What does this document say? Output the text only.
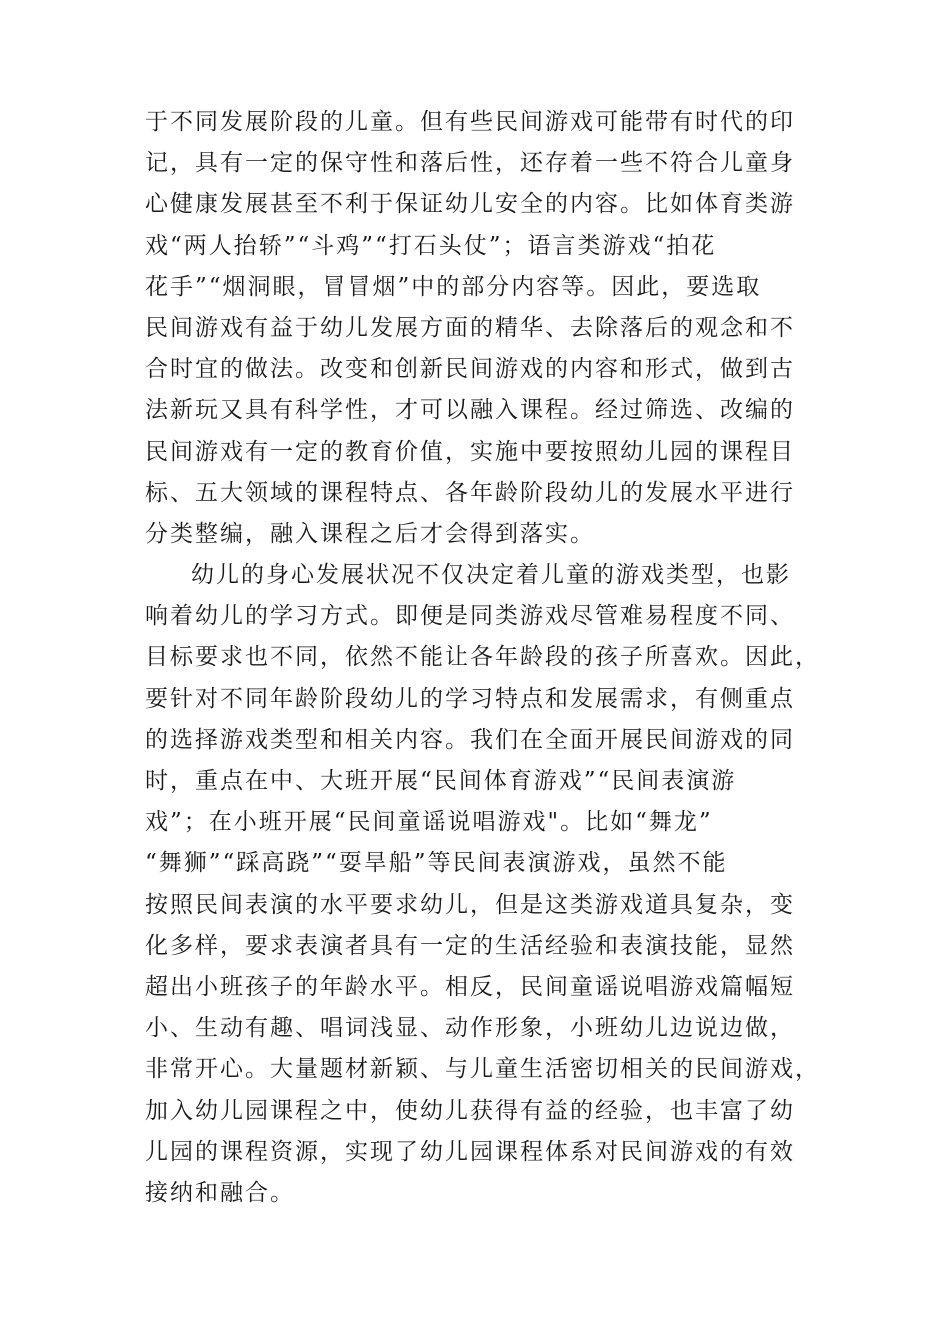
于不同发展阶段的儿童。但有些民间游戏可能带有时代的印
记，具有一定的保守性和落后性，还存着一些不符合儿童身
心健康发展甚至不利于保证幼儿安全的内容。比如体育类游
戏“两人抬轿”“斗鸡”“打石头仗”；语言类游戏“拍花
花手”“烟洞眼，冒冒烟”中的部分内容等。因此，要选取
民间游戏有益于幼儿发展方面的精华、去除落后的观念和不
合时宜的做法。改变和创新民间游戏的内容和形式，做到古
法新玩又具有科学性，才可以融入课程。经过筛选、改编的
民间游戏有一定的教育价值，实施中要按照幼儿园的课程目
标、五大领域的课程特点、各年龄阶段幼儿的发展水平进行
分类整编，融入课程之后才会得到落实。
幼儿的身心发展状况不仅决定着儿童的游戏类型，也影
响着幼儿的学习方式。即便是同类游戏尽管难易程度不同、
目标要求也不同，依然不能让各年龄段的孩子所喜欢。因此，
要针对不同年龄阶段幼儿的学习特点和发展需求，有侧重点
的选择游戏类型和相关内容。我们在全面开展民间游戏的同
时，重点在中、大班开展“民间体育游戏”“民间表演游
戏”；在小班开展“民间童谣说唱游戏"。比如“舞龙”
“舞狮”“踩高跷”“耍旱船”等民间表演游戏，虽然不能
按照民间表演的水平要求幼儿，但是这类游戏道具复杂，变
化多样，要求表演者具有一定的生活经验和表演技能，显然
超出小班孩子的年龄水平。相反，民间童谣说唱游戏篇幅短
小、生动有趣、唱词浅显、动作形象，小班幼儿边说边做，
非常开心。大量题材新颖、与儿童生活密切相关的民间游戏，
加入幼儿园课程之中，使幼儿获得有益的经验，也丰富了幼
儿园的课程资源，实现了幼儿园课程体系对民间游戏的有效
接纳和融合。
